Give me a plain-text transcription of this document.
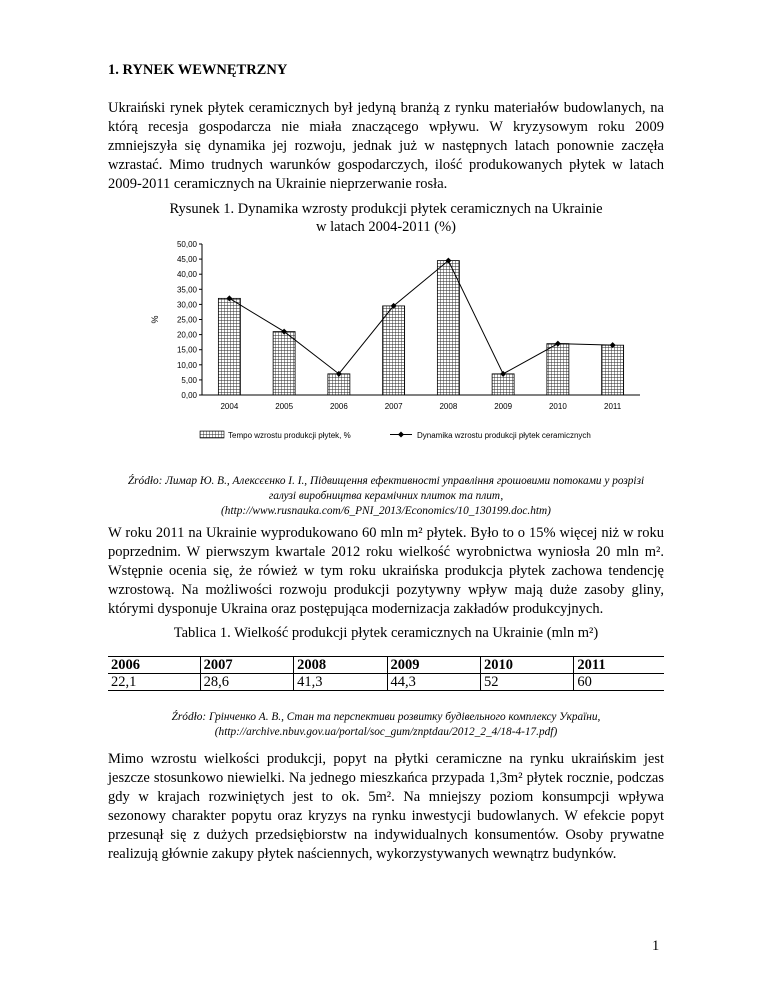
1. RYNEK WEWNĘTRZNY

Ukraiński rynek płytek ceramicznych był jedyną branżą z rynku materiałów budowlanych, na którą recesja gospodarcza nie miała znaczącego wpływu. W kryzysowym roku 2009 zmniejszyła się dynamika jej rozwoju, jednak już w następnych latach ponownie zaczęła wzrastać. Mimo trudnych warunków gospodarczych, ilość produkowanych płytek w latach 2009-2011 ceramicznych na Ukrainie nieprzerwanie rosła.

Rysunek 1. Dynamika wzrosty produkcji płytek ceramicznych na Ukrainie
w latach 2004-2011 (%)
0,00
5,00
10,00
15,00
20,00
25,00
30,00
35,00
40,00
45,00
50,00
%
2004	2005	2006	2007	2008	2009	2010	2011
Tempo wzrostu produkcji płytek, %	Dynamika wzrostu produkcji płytek ceramicznych
Źródło: Лимар Ю. В., Алексєєнко І. І., Підвищення ефективності управління грошовими потоками у розрізі
галузі виробництва керамічних плиток та плит,
(http://www.rusnauka.com/6_PNI_2013/Economics/10_130199.doc.htm)

W roku 2011 na Ukrainie wyprodukowano 60 mln m² płytek. Było to o 15% więcej niż w roku poprzednim. W pierwszym kwartale 2012 roku wielkość wyrobnictwa wyniosła 20 mln m². Wstępnie ocenia się, że rówież w tym roku ukraińska produkcja płytek zachowa tendencję wzrostową. Na możliwości rozwoju produkcji pozytywny wpływ mają duże zasoby gliny, którymi dysponuje Ukraina oraz postępująca modernizacja zakładów produkcyjnych.

Tablica 1. Wielkość produkcji płytek ceramicznych na Ukrainie (mln m²)
2006	2007	2008	2009	2010	2011
22,1	28,6	41,3	44,3	52	60
Źródło: Грінченко А. В., Стан та перспективи розвитку будівельного комплексу України,
(http://archive.nbuv.gov.ua/portal/soc_gum/znptdau/2012_2_4/18-4-17.pdf)

Mimo wzrostu wielkości produkcji, popyt na płytki ceramiczne na rynku ukraińskim jest jeszcze stosunkowo niewielki. Na jednego mieszkańca przypada 1,3m² płytek rocznie, podczas gdy w krajach rozwiniętych jest to ok. 5m². Na mniejszy poziom konsumpcji wpływa sezonowy charakter popytu oraz kryzys na rynku inwestycji budowlanych. W efekcie popyt przesunął się z dużych przedsiębiorstw na indywidualnych konsumentów. Osoby prywatne realizują głównie zakupy płytek naściennych, wykorzystywanych wewnątrz budynków.

1
